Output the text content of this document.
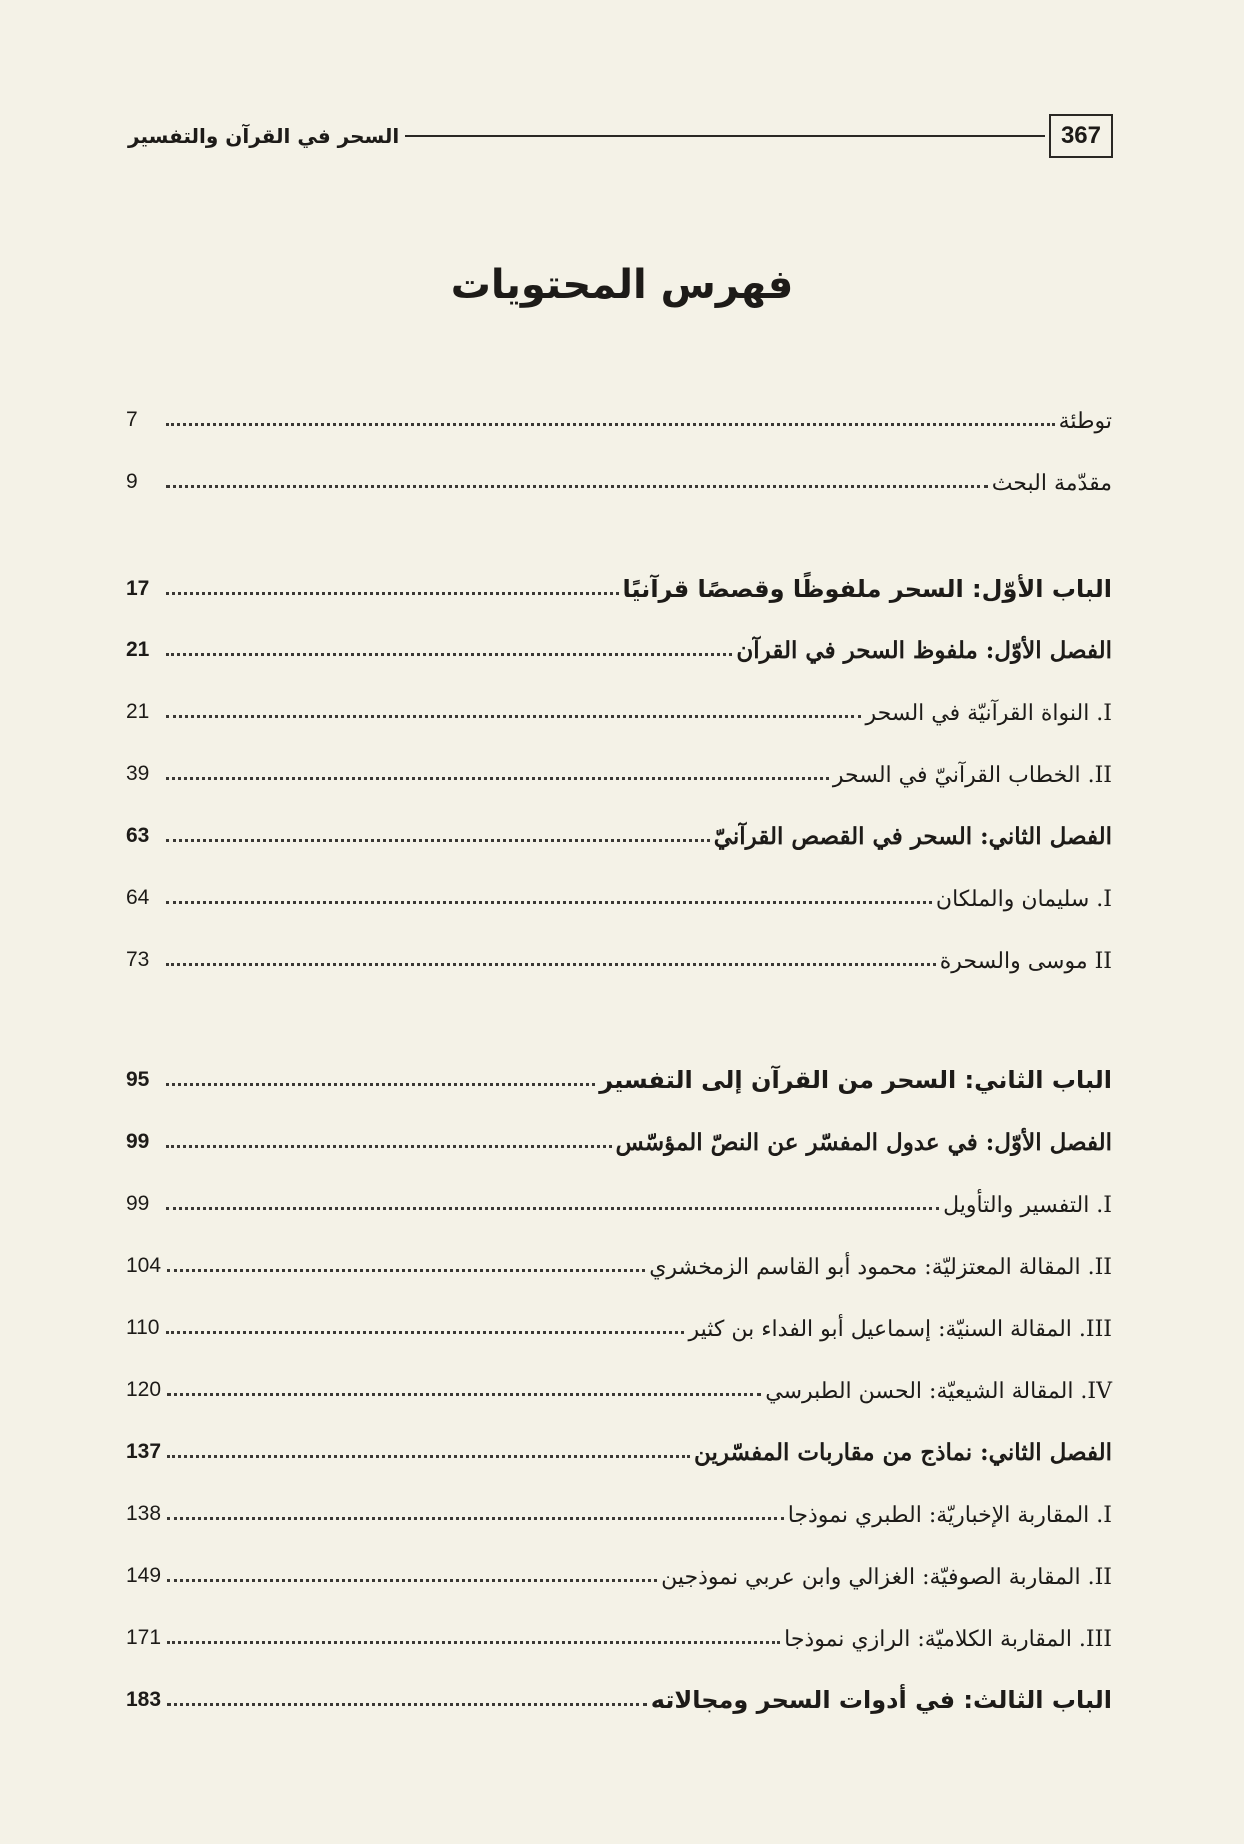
367
السحر في القرآن والتفسير
فهرس المحتويات
7	توطئة
9	مقدّمة البحث
17	الباب الأوّل: السحر ملفوظًا وقصصًا قرآنيًا
21	الفصل الأوّل: ملفوظ السحر في القرآن
21	I. النواة القرآنيّة في السحر
39	II. الخطاب القرآنيّ في السحر
63	الفصل الثاني: السحر في القصص القرآنيّ
64	I. سليمان والملكان
73	II موسى والسحرة
95	الباب الثاني: السحر من القرآن إلى التفسير
99	الفصل الأوّل: في عدول المفسّر عن النصّ المؤسّس
99	I. التفسير والتأويل
104	II. المقالة المعتزليّة: محمود أبو القاسم الزمخشري
110	III. المقالة السنيّة: إسماعيل أبو الفداء بن كثير
120	IV. المقالة الشيعيّة: الحسن الطبرسي
137	الفصل الثاني: نماذج من مقاربات المفسّرين
138	I. المقاربة الإخباريّة: الطبري نموذجا
149	II. المقاربة الصوفيّة: الغزالي وابن عربي نموذجين
171	III. المقاربة الكلاميّة: الرازي نموذجا
183	الباب الثالث: في أدوات السحر ومجالاته
